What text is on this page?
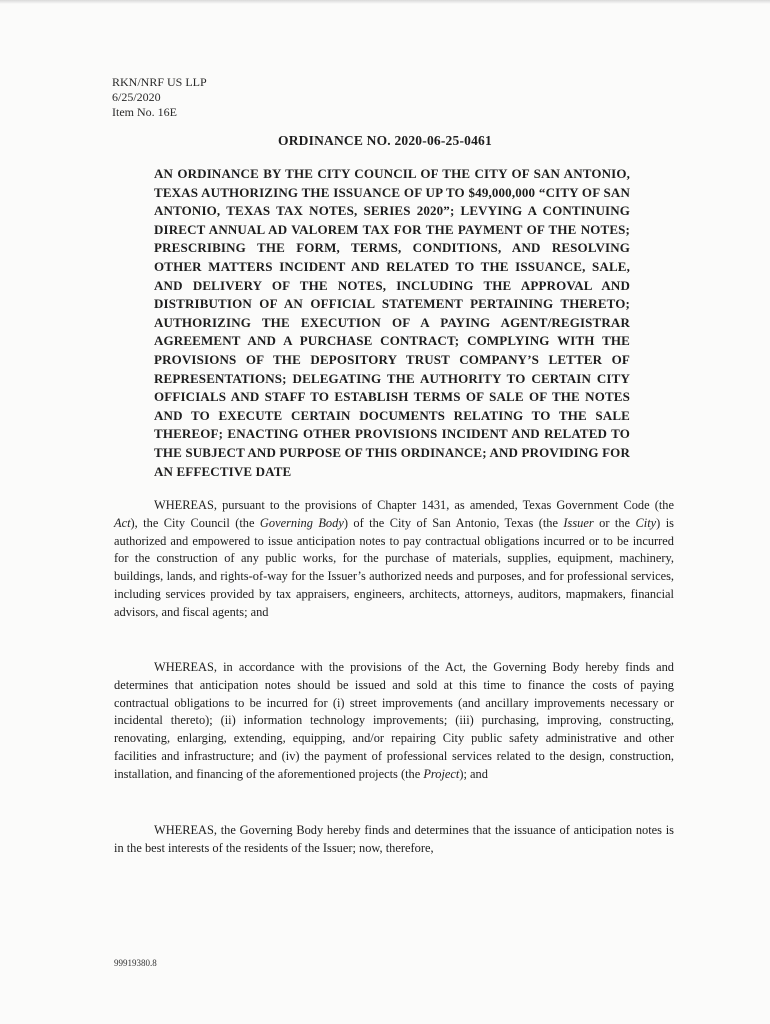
RKN/NRF US LLP
6/25/2020
Item No. 16E
ORDINANCE NO. 2020-06-25-0461
AN ORDINANCE BY THE CITY COUNCIL OF THE CITY OF SAN ANTONIO, TEXAS AUTHORIZING THE ISSUANCE OF UP TO $49,000,000 “CITY OF SAN ANTONIO, TEXAS TAX NOTES, SERIES 2020”; LEVYING A CONTINUING DIRECT ANNUAL AD VALOREM TAX FOR THE PAYMENT OF THE NOTES; PRESCRIBING THE FORM, TERMS, CONDITIONS, AND RESOLVING OTHER MATTERS INCIDENT AND RELATED TO THE ISSUANCE, SALE, AND DELIVERY OF THE NOTES, INCLUDING THE APPROVAL AND DISTRIBUTION OF AN OFFICIAL STATEMENT PERTAINING THERETO; AUTHORIZING THE EXECUTION OF A PAYING AGENT/REGISTRAR AGREEMENT AND A PURCHASE CONTRACT; COMPLYING WITH THE PROVISIONS OF THE DEPOSITORY TRUST COMPANY’S LETTER OF REPRESENTATIONS; DELEGATING THE AUTHORITY TO CERTAIN CITY OFFICIALS AND STAFF TO ESTABLISH TERMS OF SALE OF THE NOTES AND TO EXECUTE CERTAIN DOCUMENTS RELATING TO THE SALE THEREOF; ENACTING OTHER PROVISIONS INCIDENT AND RELATED TO THE SUBJECT AND PURPOSE OF THIS ORDINANCE; AND PROVIDING FOR AN EFFECTIVE DATE
WHEREAS, pursuant to the provisions of Chapter 1431, as amended, Texas Government Code (the Act), the City Council (the Governing Body) of the City of San Antonio, Texas (the Issuer or the City) is authorized and empowered to issue anticipation notes to pay contractual obligations incurred or to be incurred for the construction of any public works, for the purchase of materials, supplies, equipment, machinery, buildings, lands, and rights-of-way for the Issuer’s authorized needs and purposes, and for professional services, including services provided by tax appraisers, engineers, architects, attorneys, auditors, mapmakers, financial advisors, and fiscal agents; and
WHEREAS, in accordance with the provisions of the Act, the Governing Body hereby finds and determines that anticipation notes should be issued and sold at this time to finance the costs of paying contractual obligations to be incurred for (i) street improvements (and ancillary improvements necessary or incidental thereto); (ii) information technology improvements; (iii) purchasing, improving, constructing, renovating, enlarging, extending, equipping, and/or repairing City public safety administrative and other facilities and infrastructure; and (iv) the payment of professional services related to the design, construction, installation, and financing of the aforementioned projects (the Project); and
WHEREAS, the Governing Body hereby finds and determines that the issuance of anticipation notes is in the best interests of the residents of the Issuer; now, therefore,
99919380.8
